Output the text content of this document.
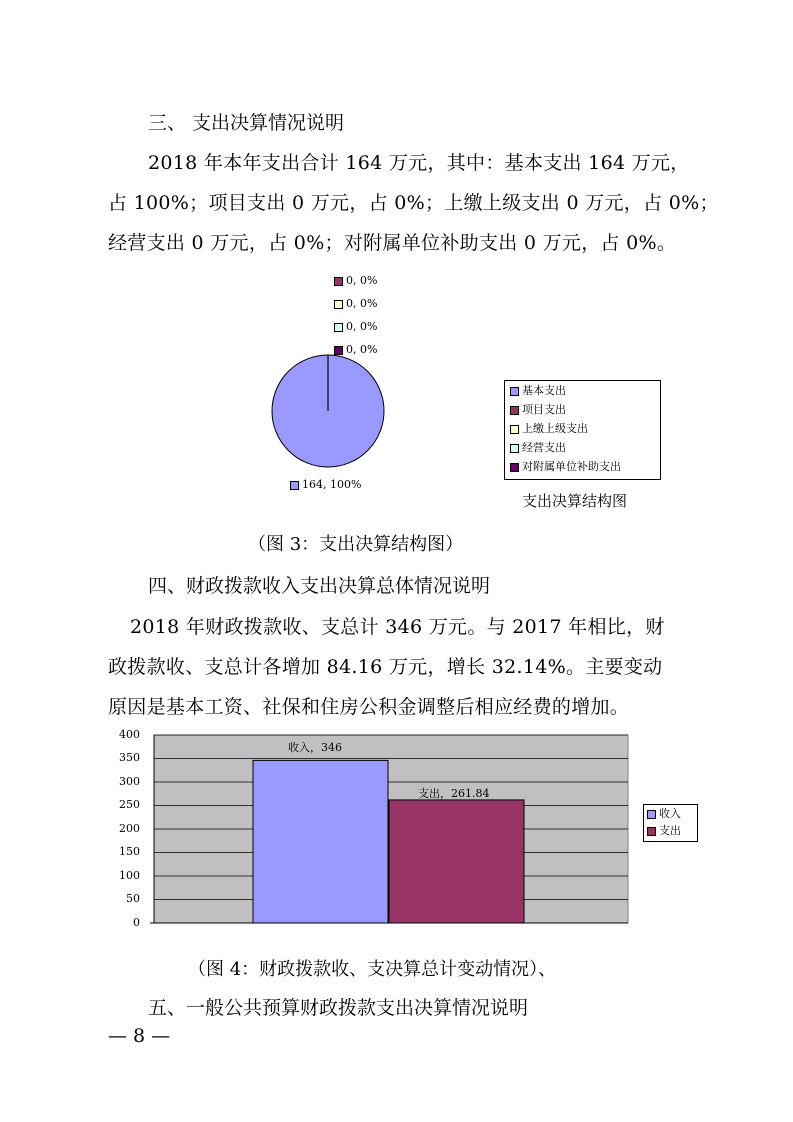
三、 支出决算情况说明
2018 年本年支出合计 164 万元，其中：基本支出 164 万元，
占 100%；项目支出 0 万元，占 0%；上缴上级支出 0 万元，占 0%；
经营支出 0 万元，占 0%；对附属单位补助支出 0 万元，占 0%。
0, 0%
0, 0%
0, 0%
0, 0%
164, 100%
基本支出
项目支出
上缴上级支出
经营支出
对附属单位补助支出
支出决算结构图
（图 3：支出决算结构图）
四、财政拨款收入支出决算总体情况说明
2018 年财政拨款收、支总计 346 万元。与 2017 年相比，财
政拨款收、支总计各增加 84.16 万元，增长 32.14%。主要变动
原因是基本工资、社保和住房公积金调整后相应经费的增加。
400
350
300
250
200
150
100
50
0
收入，346
支出，261.84
收入
支出
（图 4：财政拨款收、支决算总计变动情况）、
五、一般公共预算财政拨款支出决算情况说明
— 8 —
